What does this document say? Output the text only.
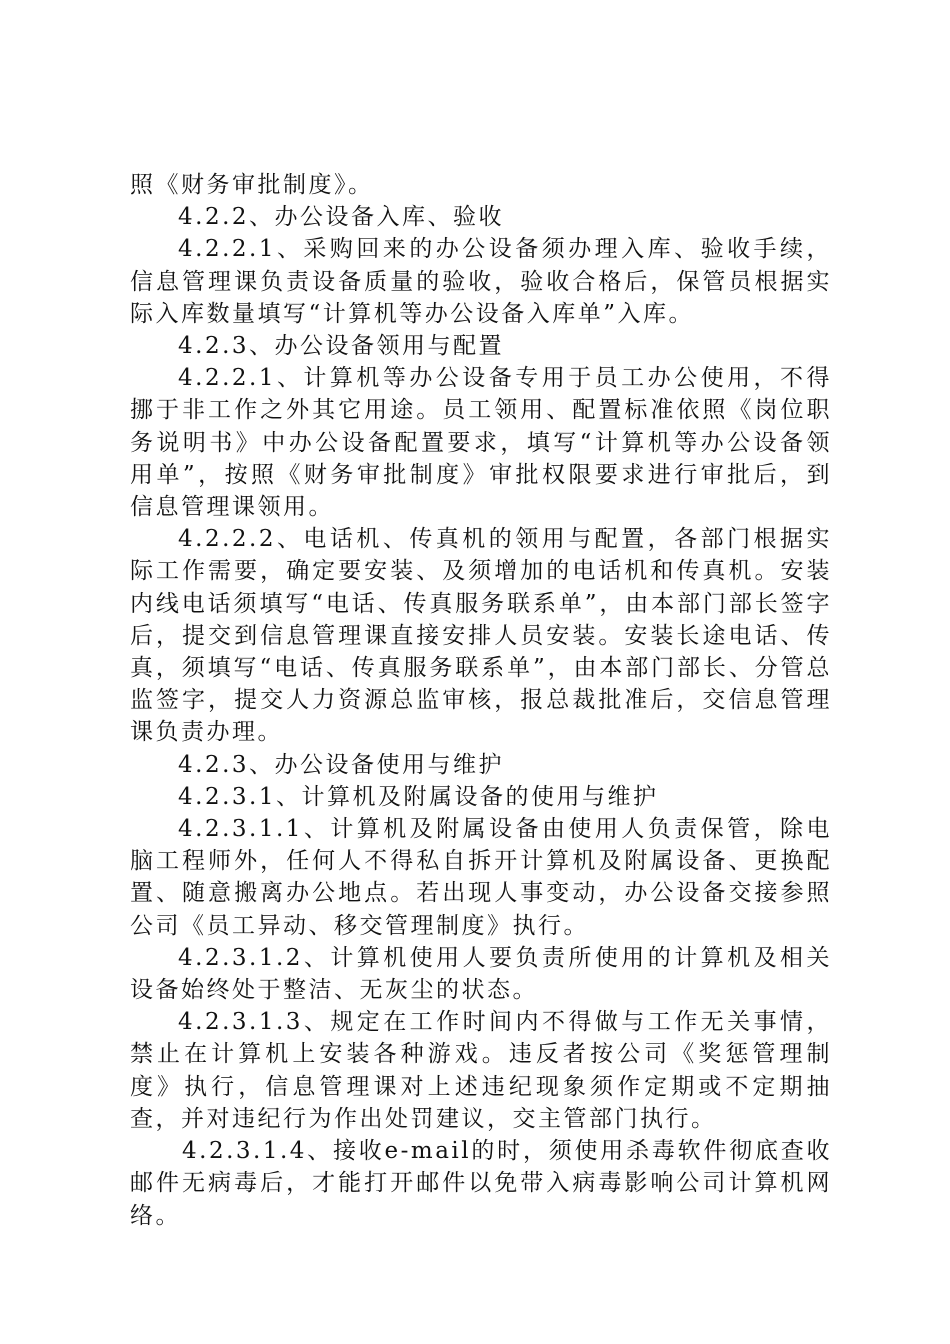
照《财务审批制度》。

4.2.2、办公设备入库、验收

4.2.2.1、采购回来的办公设备须办理入库、验收手续，信息管理课负责设备质量的验收，验收合格后，保管员根据实际入库数量填写“计算机等办公设备入库单”入库。

4.2.3、办公设备领用与配置

4.2.2.1、计算机等办公设备专用于员工办公使用，不得挪于非工作之外其它用途。员工领用、配置标准依照《岗位职务说明书》中办公设备配置要求，填写“计算机等办公设备领用单”，按照《财务审批制度》审批权限要求进行审批后，到信息管理课领用。

4.2.2.2、电话机、传真机的领用与配置，各部门根据实际工作需要，确定要安装、及须增加的电话机和传真机。安装内线电话须填写“电话、传真服务联系单”，由本部门部长签字后，提交到信息管理课直接安排人员安装。安装长途电话、传真，须填写“电话、传真服务联系单”，由本部门部长、分管总监签字，提交人力资源总监审核，报总裁批准后，交信息管理课负责办理。

4.2.3、办公设备使用与维护

4.2.3.1、计算机及附属设备的使用与维护

4.2.3.1.1、计算机及附属设备由使用人负责保管，除电脑工程师外，任何人不得私自拆开计算机及附属设备、更换配置、随意搬离办公地点。若出现人事变动，办公设备交接参照公司《员工异动、移交管理制度》执行。

4.2.3.1.2、计算机使用人要负责所使用的计算机及相关设备始终处于整洁、无灰尘的状态。

4.2.3.1.3、规定在工作时间内不得做与工作无关事情，禁止在计算机上安装各种游戏。违反者按公司《奖惩管理制度》执行，信息管理课对上述违纪现象须作定期或不定期抽查，并对违纪行为作出处罚建议，交主管部门执行。

4.2.3.1.4、接收e-mail的时，须使用杀毒软件彻底查收邮件无病毒后，才能打开邮件以免带入病毒影响公司计算机网络。
